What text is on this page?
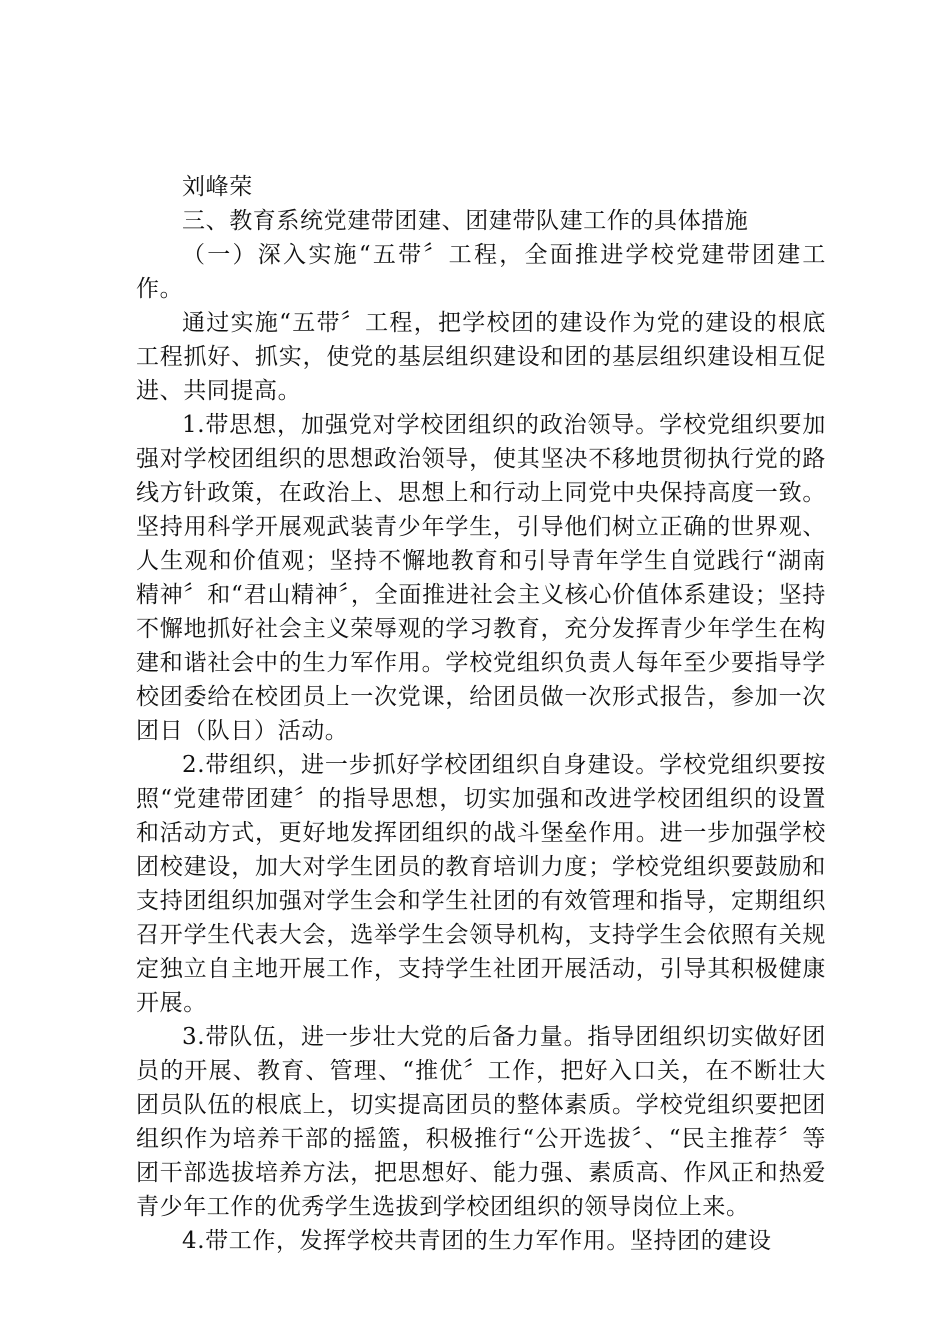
刘峰荣

三、教育系统党建带团建、团建带队建工作的具体措施

（一）深入实施“五带〞工程，全面推进学校党建带团建工作。

通过实施“五带〞工程，把学校团的建设作为党的建设的根底工程抓好、抓实，使党的基层组织建设和团的基层组织建设相互促进、共同提高。

1.带思想，加强党对学校团组织的政治领导。学校党组织要加强对学校团组织的思想政治领导，使其坚决不移地贯彻执行党的路线方针政策，在政治上、思想上和行动上同党中央保持高度一致。坚持用科学开展观武装青少年学生，引导他们树立正确的世界观、人生观和价值观；坚持不懈地教育和引导青年学生自觉践行“湖南精神〞和“君山精神〞，全面推进社会主义核心价值体系建设；坚持不懈地抓好社会主义荣辱观的学习教育，充分发挥青少年学生在构建和谐社会中的生力军作用。学校党组织负责人每年至少要指导学校团委给在校团员上一次党课，给团员做一次形式报告，参加一次团日（队日）活动。

2.带组织，进一步抓好学校团组织自身建设。学校党组织要按照“党建带团建〞的指导思想，切实加强和改进学校团组织的设置和活动方式，更好地发挥团组织的战斗堡垒作用。进一步加强学校团校建设，加大对学生团员的教育培训力度；学校党组织要鼓励和支持团组织加强对学生会和学生社团的有效管理和指导，定期组织召开学生代表大会，选举学生会领导机构，支持学生会依照有关规定独立自主地开展工作，支持学生社团开展活动，引导其积极健康开展。

3.带队伍，进一步壮大党的后备力量。指导团组织切实做好团员的开展、教育、管理、“推优〞工作，把好入口关，在不断壮大团员队伍的根底上，切实提高团员的整体素质。学校党组织要把团组织作为培养干部的摇篮，积极推行“公开选拔〞、“民主推荐〞等团干部选拔培养方法，把思想好、能力强、素质高、作风正和热爱青少年工作的优秀学生选拔到学校团组织的领导岗位上来。

4.带工作，发挥学校共青团的生力军作用。坚持团的建设
